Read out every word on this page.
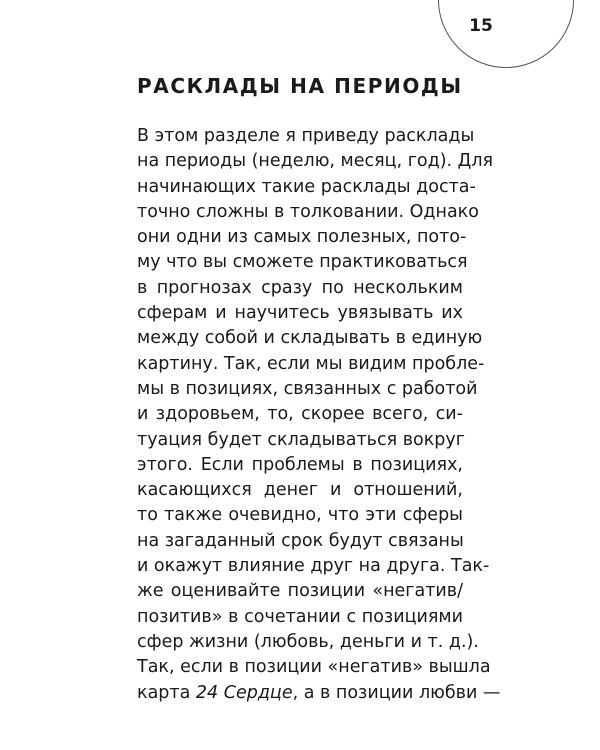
15
РАСКЛАДЫ НА ПЕРИОДЫ
В этом разделе я приведу расклады
на периоды (неделю, месяц, год). Для
начинающих такие расклады доста-
точно сложны в толковании. Однако
они одни из самых полезных, пото-
му что вы сможете практиковаться
в прогнозах сразу по нескольким
сферам и научитесь увязывать их
между собой и складывать в единую
картину. Так, если мы видим пробле-
мы в позициях, связанных с работой
и здоровьем, то, скорее всего, си-
туация будет складываться вокруг
этого. Если проблемы в позициях,
касающихся денег и отношений,
то также очевидно, что эти сферы
на загаданный срок будут связаны
и окажут влияние друг на друга. Так-
же оценивайте позиции «негатив/
позитив» в сочетании с позициями
сфер жизни (любовь, деньги и т. д.).
Так, если в позиции «негатив» вышла
карта 24 Сердце, а в позиции любви —
